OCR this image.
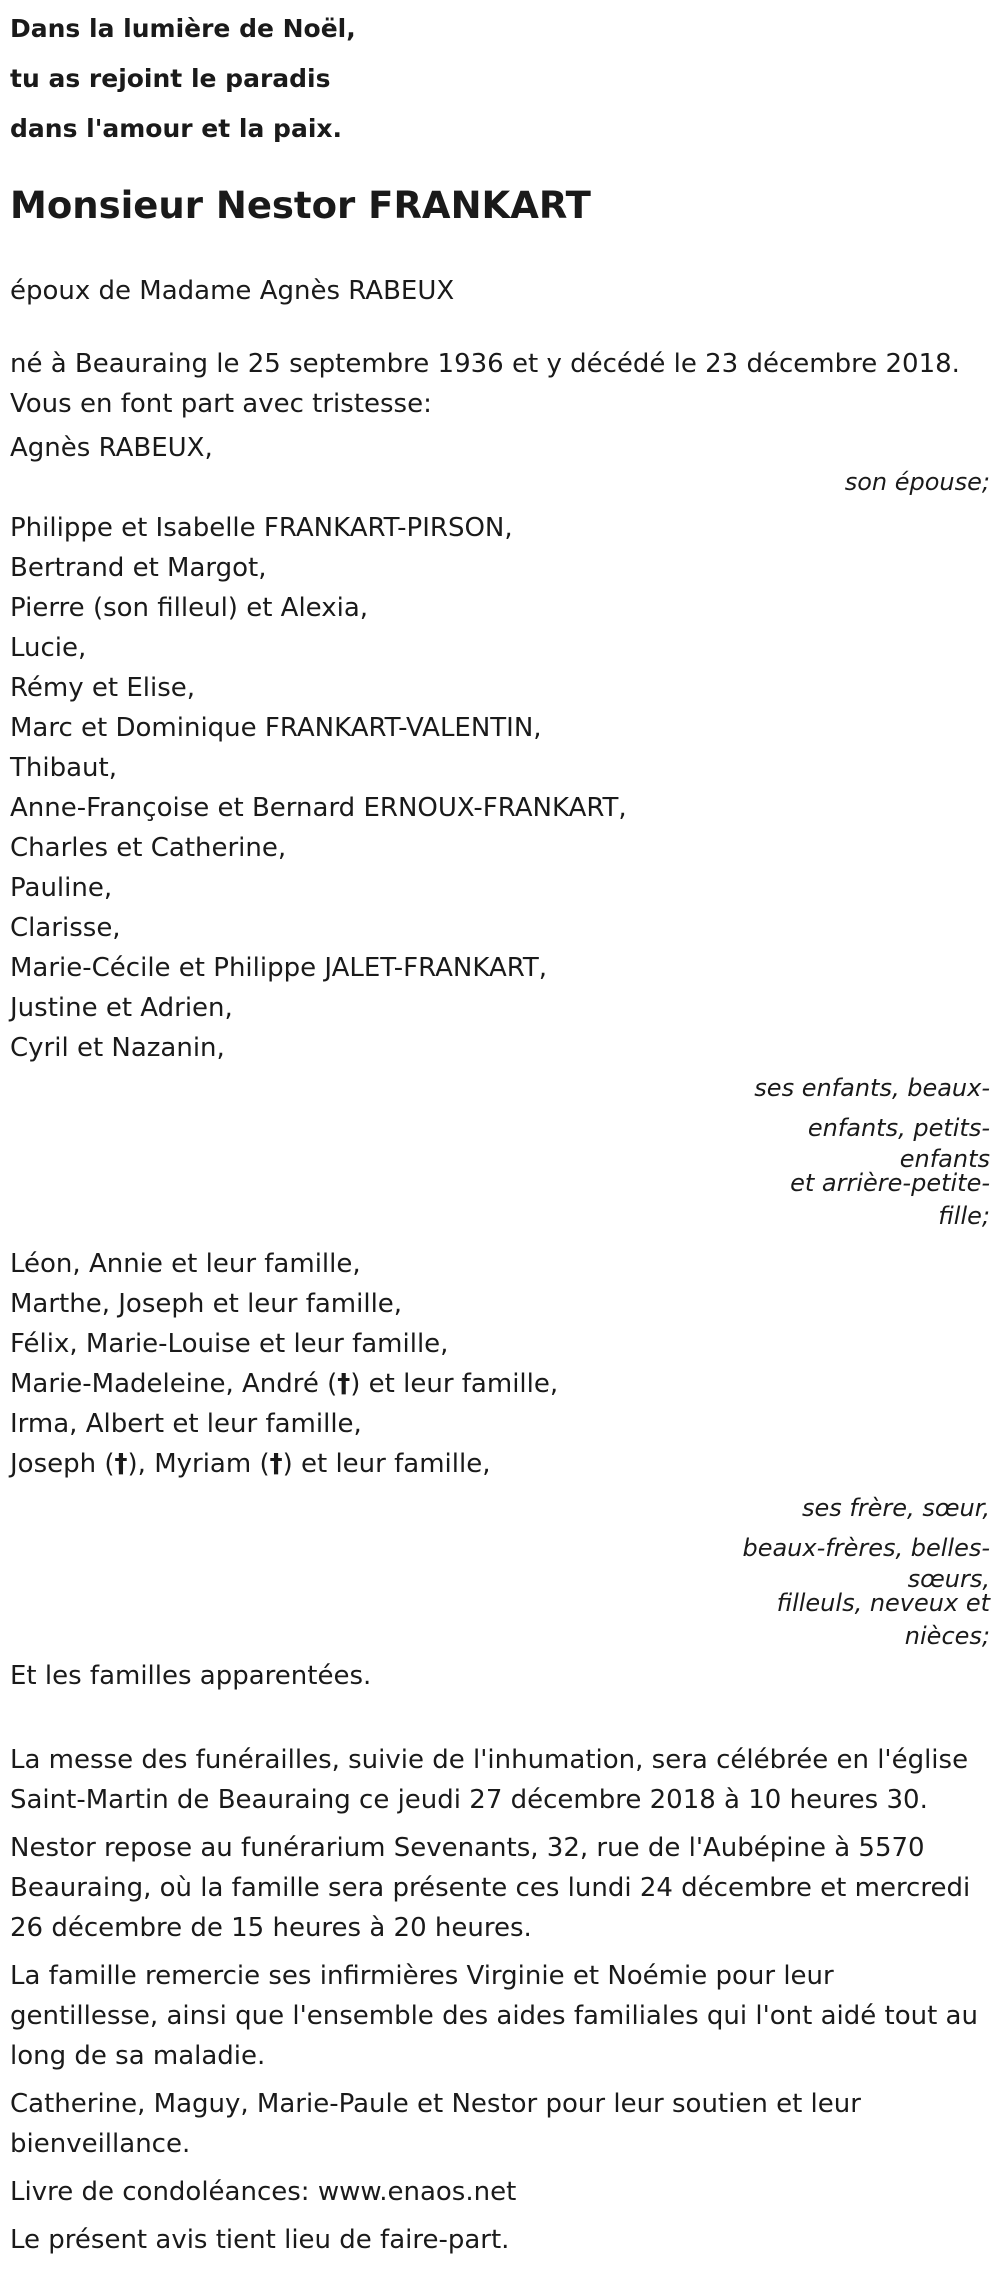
Dans la lumière de Noël,
tu as rejoint le paradis
dans l'amour et la paix.
Monsieur Nestor FRANKART
époux de Madame Agnès RABEUX
né à Beauraing le 25 septembre 1936 et y décédé le 23 décembre 2018.
Vous en font part avec tristesse:
Agnès RABEUX,
son épouse;
Philippe et Isabelle FRANKART-PIRSON,
Bertrand et Margot,
Pierre (son filleul) et Alexia,
Lucie,
Rémy et Elise,
Marc et Dominique FRANKART-VALENTIN,
Thibaut,
Anne-Françoise et Bernard ERNOUX-FRANKART,
Charles et Catherine,
Pauline,
Clarisse,
Marie-Cécile et Philippe JALET-FRANKART,
Justine et Adrien,
Cyril et Nazanin,
ses enfants, beaux-
enfants, petits-
enfants
et arrière-petite-
fille;
Léon, Annie et leur famille,
Marthe, Joseph et leur famille,
Félix, Marie-Louise et leur famille,
Marie-Madeleine, André (†) et leur famille,
Irma, Albert et leur famille,
Joseph (†), Myriam (†) et leur famille,
ses frère, sœur,
beaux-frères, belles-
sœurs,
filleuls, neveux et
nièces;
Et les familles apparentées.
La messe des funérailles, suivie de l'inhumation, sera célébrée en l'église Saint-Martin de Beauraing ce jeudi 27 décembre 2018 à 10 heures 30.
Nestor repose au funérarium Sevenants, 32, rue de l'Aubépine à 5570 Beauraing, où la famille sera présente ces lundi 24 décembre et mercredi 26 décembre de 15 heures à 20 heures.
La famille remercie ses infirmières Virginie et Noémie pour leur gentillesse, ainsi que l'ensemble des aides familiales qui l'ont aidé tout au long de sa maladie.
Catherine, Maguy, Marie-Paule et Nestor pour leur soutien et leur bienveillance.
Livre de condoléances: www.enaos.net
Le présent avis tient lieu de faire-part.
